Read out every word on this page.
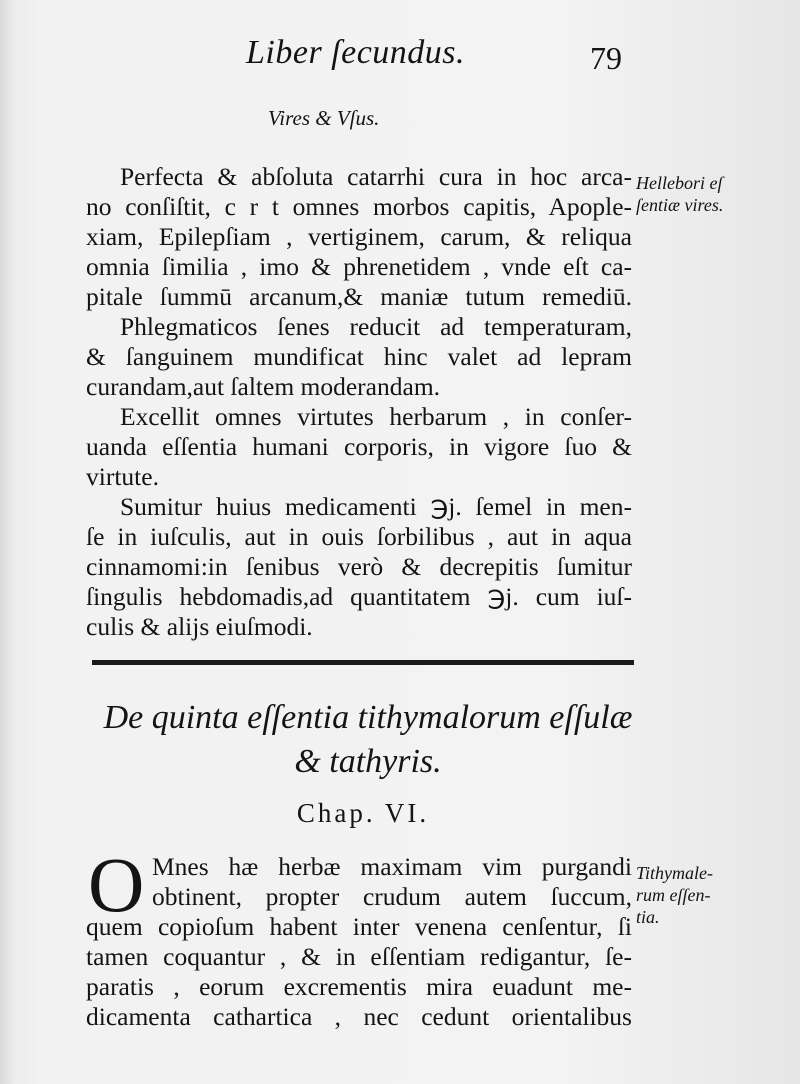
Liber ſecundus.	79
Vires & Vſus.
Perfecta & abſoluta catarrhi cura in hoc arca-
no conſiſtit, c r t omnes morbos capitis, Apople-
xiam, Epilepſiam , vertiginem, carum, & reliqua
omnia ſimilia , imo & phrenetidem , vnde eſt ca-
pitale ſummū arcanum,& maniæ tutum remediū.
Phlegmaticos ſenes reducit ad temperaturam,
& ſanguinem mundificat hinc valet ad lepram
curandam,aut ſaltem moderandam.
Excellit omnes virtutes herbarum , in conſer-
uanda eſſentia humani corporis, in vigore ſuo &
virtute.
Sumitur huius medicamenti ℈j. ſemel in men-
ſe in iuſculis, aut in ouis ſorbilibus , aut in aqua
cinnamomi:in ſenibus verò & decrepitis ſumitur
ſingulis hebdomadis,ad quantitatem ℈j. cum iuſ-
culis & alijs eiuſmodi.
Hellebori eſ
ſentiæ vires.
De quinta eſſentia tithymalorum eſſulæ
& tathyris.
Chap. VI.
O Mnes hæ herbæ maximam vim purgandi
obtinent, propter crudum autem ſuccum,
quem copioſum habent inter venena cenſentur, ſi
tamen coquantur , & in eſſentiam redigantur, ſe-
paratis , eorum excrementis mira euadunt me-
dicamenta cathartica , nec cedunt orientalibus
Tithymale-
rum eſſen-
tia.
